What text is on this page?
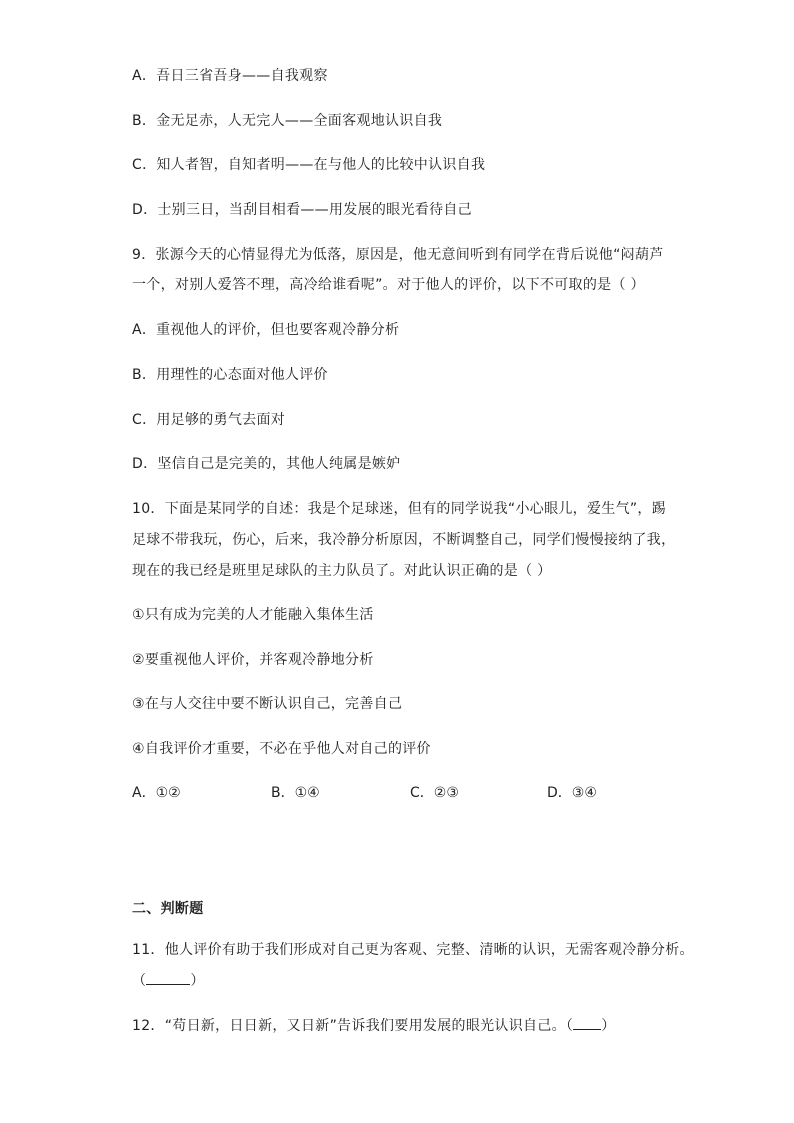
A．吾日三省吾身——自我观察
B．金无足赤，人无完人——全面客观地认识自我
C．知人者智，自知者明——在与他人的比较中认识自我
D．士别三日，当刮目相看——用发展的眼光看待自己
9．张源今天的心情显得尤为低落，原因是，他无意间听到有同学在背后说他“闷葫芦
一个，对别人爱答不理，高冷给谁看呢”。对于他人的评价，以下不可取的是（ ）
A．重视他人的评价，但也要客观冷静分析
B．用理性的心态面对他人评价
C．用足够的勇气去面对
D．坚信自己是完美的，其他人纯属是嫉妒
10．下面是某同学的自述：我是个足球迷，但有的同学说我“小心眼儿，爱生气”，踢
足球不带我玩，伤心，后来，我冷静分析原因，不断调整自己，同学们慢慢接纳了我，
现在的我已经是班里足球队的主力队员了。对此认识正确的是（ ）
①只有成为完美的人才能融入集体生活
②要重视他人评价，并客观冷静地分析
③在与人交往中要不断认识自己，完善自己
④自我评价才重要，不必在乎他人对自己的评价
A．①②	B．①④	C．②③	D．③④
二、判断题
11．他人评价有助于我们形成对自己更为客观、完整、清晰的认识，无需客观冷静分析。
（	）
12．“苟日新，日日新，又日新”告诉我们要用发展的眼光认识自己。（ ）
